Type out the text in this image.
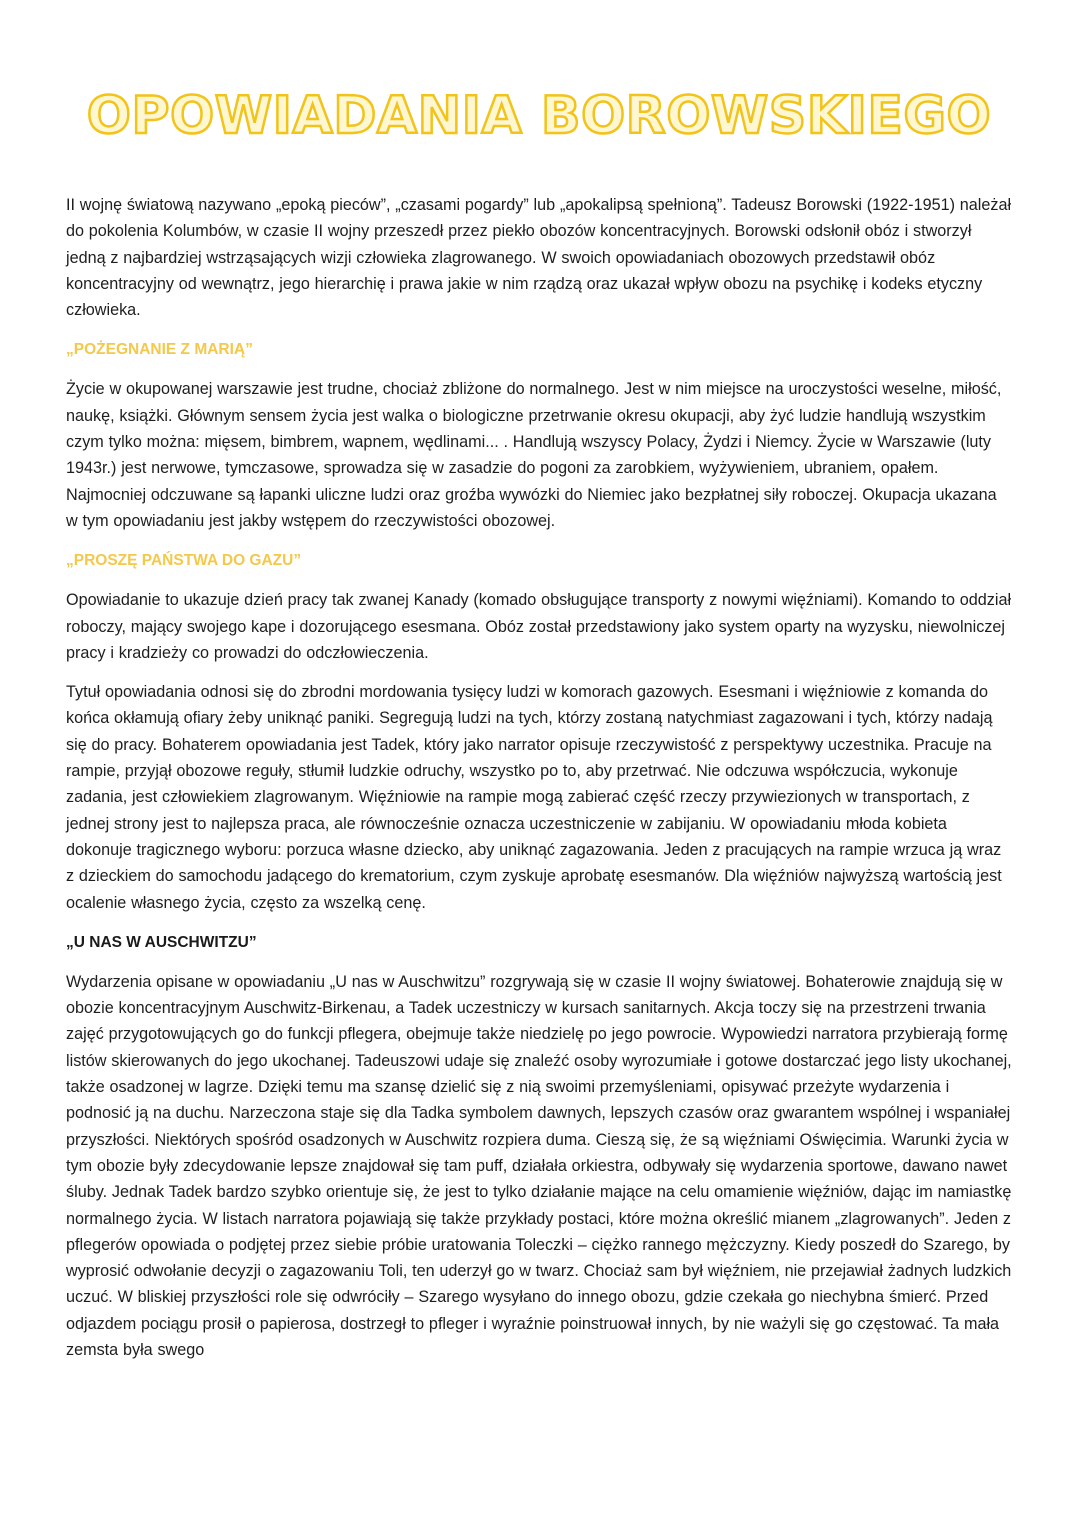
OPOWIADANIA BOROWSKIEGO

II wojnę światową nazywano „epoką pieców”, „czasami pogardy” lub „apokalipsą spełnioną”. Tadeusz Borowski (1922-1951) należał do pokolenia Kolumbów, w czasie II wojny przeszedł przez piekło obozów koncentracyjnych. Borowski odsłonił obóz i stworzył jedną z najbardziej wstrząsających wizji człowieka zlagrowanego. W swoich opowiadaniach obozowych przedstawił obóz koncentracyjny od wewnątrz, jego hierarchię i prawa jakie w nim rządzą oraz ukazał wpływ obozu na psychikę i kodeks etyczny człowieka.

„POŻEGNANIE Z MARIĄ”

Życie w okupowanej warszawie jest trudne, chociaż zbliżone do normalnego. Jest w nim miejsce na uroczystości weselne, miłość, naukę, książki. Głównym sensem życia jest walka o biologiczne przetrwanie okresu okupacji, aby żyć ludzie handlują wszystkim czym tylko można: mięsem, bimbrem, wapnem, wędlinami... . Handlują wszyscy Polacy, Żydzi i Niemcy. Życie w Warszawie (luty 1943r.) jest nerwowe, tymczasowe, sprowadza się w zasadzie do pogoni za zarobkiem, wyżywieniem, ubraniem, opałem. Najmocniej odczuwane są łapanki uliczne ludzi oraz groźba wywózki do Niemiec jako bezpłatnej siły roboczej. Okupacja ukazana w tym opowiadaniu jest jakby wstępem do rzeczywistości obozowej.

„PROSZĘ PAŃSTWA DO GAZU”

Opowiadanie to ukazuje dzień pracy tak zwanej Kanady (komado obsługujące transporty z nowymi więźniami). Komando to oddział roboczy, mający swojego kape i dozorującego esesmana. Obóz został przedstawiony jako system oparty na wyzysku, niewolniczej pracy i kradzieży co prowadzi do odczłowieczenia.

Tytuł opowiadania odnosi się do zbrodni mordowania tysięcy ludzi w komorach gazowych. Esesmani i więźniowie z komanda do końca okłamują ofiary żeby uniknąć paniki. Segregują ludzi na tych, którzy zostaną natychmiast zagazowani i tych, którzy nadają się do pracy. Bohaterem opowiadania jest Tadek, który jako narrator opisuje rzeczywistość z perspektywy uczestnika. Pracuje na rampie, przyjął obozowe reguły, stłumił ludzkie odruchy, wszystko po to, aby przetrwać. Nie odczuwa współczucia, wykonuje zadania, jest człowiekiem zlagrowanym. Więźniowie na rampie mogą zabierać część rzeczy przywiezionych w transportach, z jednej strony jest to najlepsza praca, ale równocześnie oznacza uczestniczenie w zabijaniu. W opowiadaniu młoda kobieta dokonuje tragicznego wyboru: porzuca własne dziecko, aby uniknąć zagazowania. Jeden z pracujących na rampie wrzuca ją wraz z dzieckiem do samochodu jadącego do krematorium, czym zyskuje aprobatę esesmanów. Dla więźniów najwyższą wartością jest ocalenie własnego życia, często za wszelką cenę.

„U NAS W AUSCHWITZU”

Wydarzenia opisane w opowiadaniu „U nas w Auschwitzu” rozgrywają się w czasie II wojny światowej. Bohaterowie znajdują się w obozie koncentracyjnym Auschwitz-Birkenau, a Tadek uczestniczy w kursach sanitarnych. Akcja toczy się na przestrzeni trwania zajęć przygotowujących go do funkcji pflegera, obejmuje także niedzielę po jego powrocie. Wypowiedzi narratora przybierają formę listów skierowanych do jego ukochanej. Tadeuszowi udaje się znaleźć osoby wyrozumiałe i gotowe dostarczać jego listy ukochanej, także osadzonej w lagrze. Dzięki temu ma szansę dzielić się z nią swoimi przemyśleniami, opisywać przeżyte wydarzenia i podnosić ją na duchu. Narzeczona staje się dla Tadka symbolem dawnych, lepszych czasów oraz gwarantem wspólnej i wspaniałej przyszłości. Niektórych spośród osadzonych w Auschwitz rozpiera duma. Cieszą się, że są więźniami Oświęcimia. Warunki życia w tym obozie były zdecydowanie lepsze znajdował się tam puff, działała orkiestra, odbywały się wydarzenia sportowe, dawano nawet śluby. Jednak Tadek bardzo szybko orientuje się, że jest to tylko działanie mające na celu omamienie więźniów, dając im namiastkę normalnego życia. W listach narratora pojawiają się także przykłady postaci, które można określić mianem „zlagrowanych”. Jeden z pflegerów opowiada o podjętej przez siebie próbie uratowania Toleczki – ciężko rannego mężczyzny. Kiedy poszedł do Szarego, by wyprosić odwołanie decyzji o zagazowaniu Toli, ten uderzył go w twarz. Chociaż sam był więźniem, nie przejawiał żadnych ludzkich uczuć. W bliskiej przyszłości role się odwróciły – Szarego wysyłano do innego obozu, gdzie czekała go niechybna śmierć. Przed odjazdem pociągu prosił o papierosa, dostrzegł to pfleger i wyraźnie poinstruował innych, by nie ważyli się go częstować. Ta mała zemsta była swego
